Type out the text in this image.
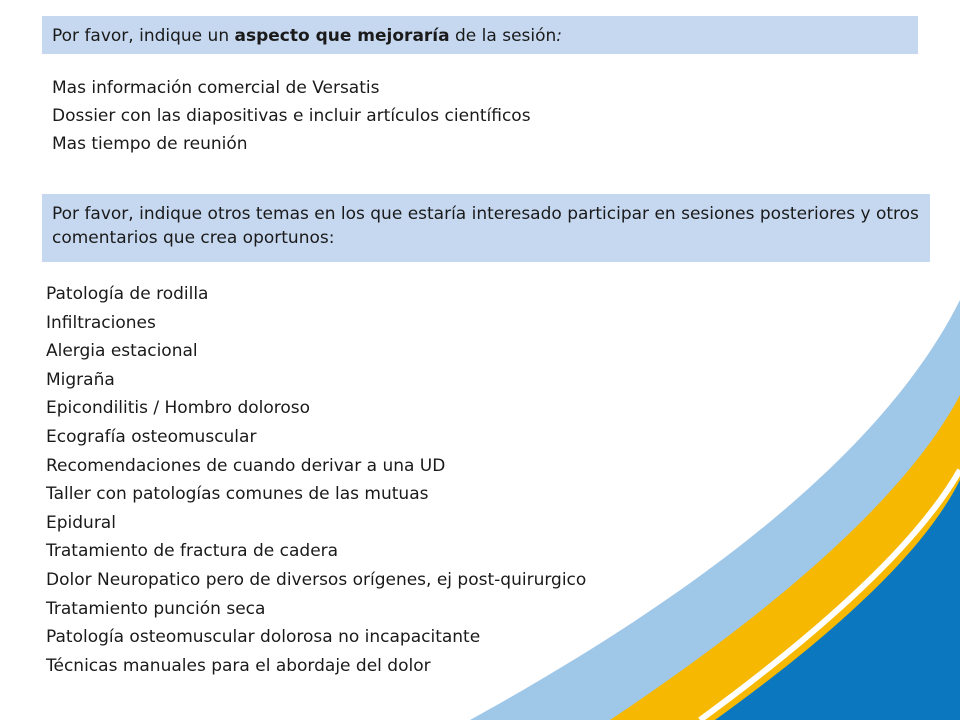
Por favor, indique un aspecto que mejoraría de la sesión:
Mas información comercial de Versatis
Dossier con las diapositivas e incluir artículos científicos
Mas tiempo de reunión
Por favor, indique otros temas en los que estaría interesado participar en sesiones posteriores y otros comentarios que crea oportunos:
Patología de rodilla
Infiltraciones
Alergia estacional
Migraña
Epicondilitis / Hombro doloroso
Ecografía osteomuscular
Recomendaciones de cuando derivar a una UD
Taller con patologías comunes de las mutuas
Epidural
Tratamiento de fractura de cadera
Dolor Neuropatico pero de diversos orígenes, ej post-quirurgico
Tratamiento punción seca
Patología osteomuscular dolorosa no incapacitante
Técnicas manuales para el abordaje del dolor
